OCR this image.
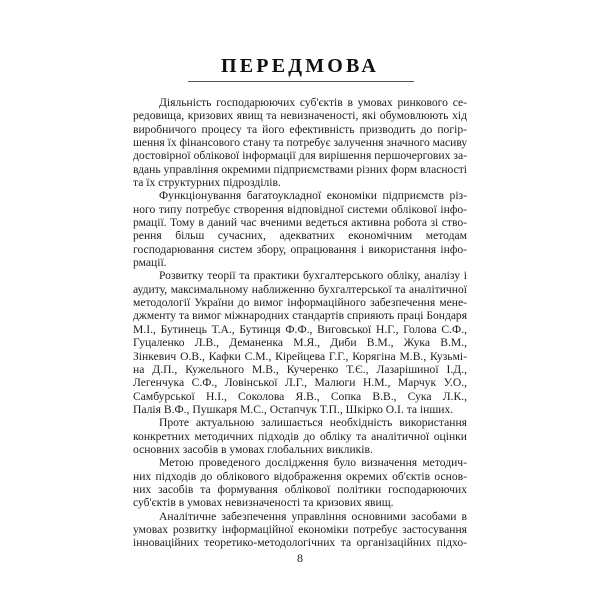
ПЕРЕДМОВА
Діяльність господарюючих суб'єктів в умовах ринкового се-
редовища, кризових явищ та невизначеності, які обумовлюють хід
виробничого процесу та його ефективність призводить до погір-
шення їх фінансового стану та потребує залучення значного масиву
достовірної облікової інформації для вирішення першочергових за-
вдань управління окремими підприємствами різних форм власності
та їх структурних підрозділів.
Функціонування багатоукладної економіки підприємств різ-
ного типу потребує створення відповідної системи облікової інфо-
рмації. Тому в даний час вченими ведеться активна робота зі ство-
рення більш сучасних, адекватних економічним методам
господарювання систем збору, опрацювання і використання інфо-
рмації.
Розвитку теорії та практики бухгалтерського обліку, аналізу і
аудиту, максимальному наближенню бухгалтерської та аналітичної
методології України до вимог інформаційного забезпечення мене-
джменту та вимог міжнародних стандартів сприяють праці Бондаря
М.І., Бутинець Т.А., Бутинця Ф.Ф., Виговської Н.Г., Голова С.Ф.,
Гуцаленко Л.В., Деманенка М.Я., Диби В.М., Жука В.М.,
Зінкевич О.В., Кафки С.М., Кірейцева Г.Г., Корягіна М.В., Кузьмі-
на Д.П., Кужельного М.В., Кучеренко Т.Є., Лазарішиної І.Д.,
Легенчука С.Ф., Ловінської Л.Г., Малюги Н.М., Марчук У.О.,
Самбурської Н.І., Соколова Я.В., Сопка В.В., Сука Л.К.,
Палія В.Ф., Пушкаря М.С., Остапчук Т.П., Шкірко О.І. та інших.
Проте актуальною залишається необхідність використання
конкретних методичних підходів до обліку та аналітичної оцінки
основних засобів в умовах глобальних викликів.
Метою проведеного дослідження було визначення методич-
них підходів до облікового відображення окремих об'єктів основ-
них засобів та формування облікової політики господарюючих
суб'єктів в умовах невизначеності та кризових явищ.
Аналітичне забезпечення управління основними засобами в
умовах розвитку інформаційної економіки потребує застосування
інноваційних теоретико-методологічних та організаційних підхо-
8
